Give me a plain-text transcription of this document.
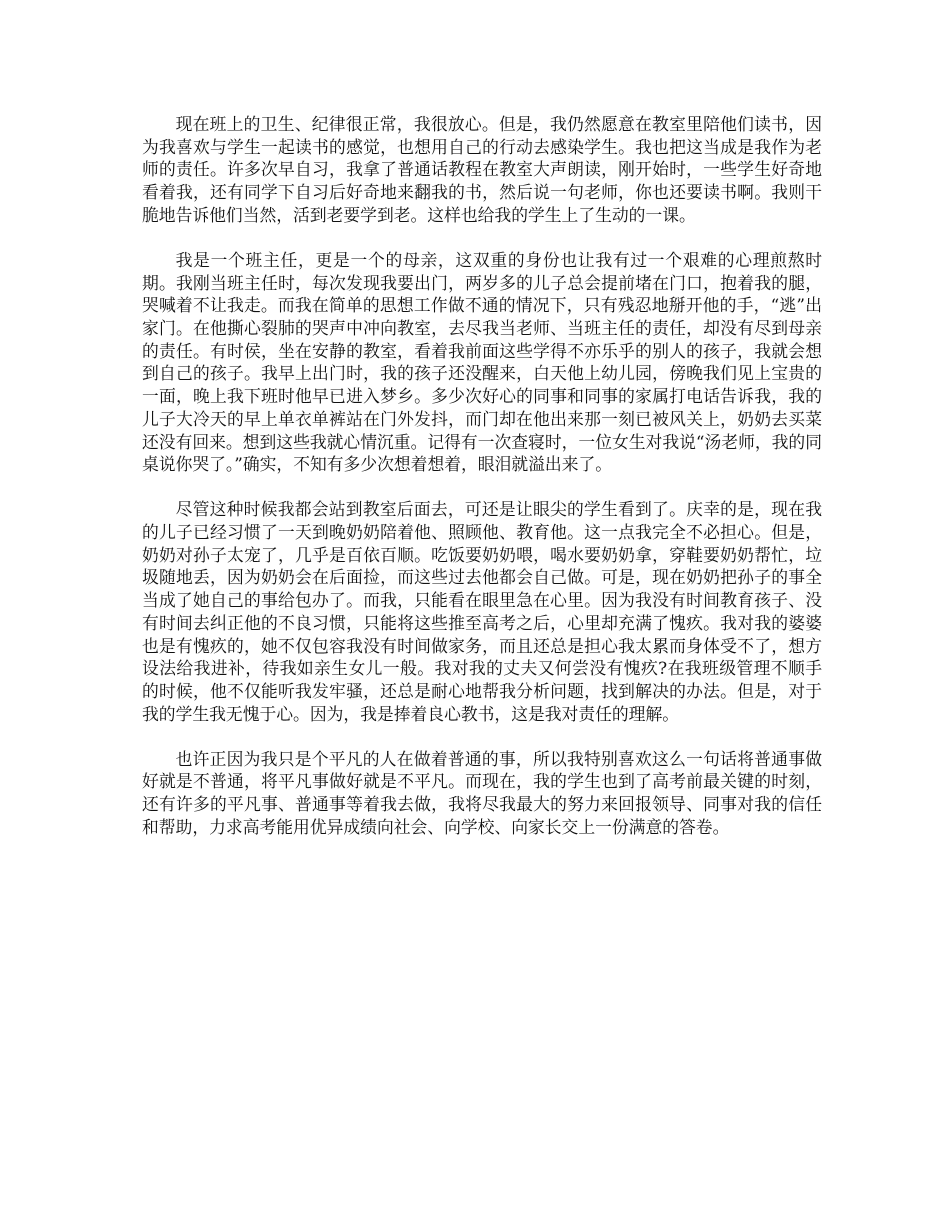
现在班上的卫生、纪律很正常，我很放心。但是，我仍然愿意在教室里陪他们读书，因为我喜欢与学生一起读书的感觉，也想用自己的行动去感染学生。我也把这当成是我作为老师的责任。许多次早自习，我拿了普通话教程在教室大声朗读，刚开始时，一些学生好奇地看着我，还有同学下自习后好奇地来翻我的书，然后说一句老师，你也还要读书啊。我则干脆地告诉他们当然，活到老要学到老。这样也给我的学生上了生动的一课。

我是一个班主任，更是一个的母亲，这双重的身份也让我有过一个艰难的心理煎熬时期。我刚当班主任时，每次发现我要出门，两岁多的儿子总会提前堵在门口，抱着我的腿，哭喊着不让我走。而我在简单的思想工作做不通的情况下，只有残忍地掰开他的手，“逃”出家门。在他撕心裂肺的哭声中冲向教室，去尽我当老师、当班主任的责任，却没有尽到母亲的责任。有时侯，坐在安静的教室，看着我前面这些学得不亦乐乎的别人的孩子，我就会想到自己的孩子。我早上出门时，我的孩子还没醒来，白天他上幼儿园，傍晚我们见上宝贵的一面，晚上我下班时他早已进入梦乡。多少次好心的同事和同事的家属打电话告诉我，我的儿子大冷天的早上单衣单裤站在门外发抖，而门却在他出来那一刻已被风关上，奶奶去买菜还没有回来。想到这些我就心情沉重。记得有一次查寝时，一位女生对我说“汤老师，我的同桌说你哭了。”确实，不知有多少次想着想着，眼泪就溢出来了。

尽管这种时候我都会站到教室后面去，可还是让眼尖的学生看到了。庆幸的是，现在我的儿子已经习惯了一天到晚奶奶陪着他、照顾他、教育他。这一点我完全不必担心。但是，奶奶对孙子太宠了，几乎是百依百顺。吃饭要奶奶喂，喝水要奶奶拿，穿鞋要奶奶帮忙，垃圾随地丢，因为奶奶会在后面捡，而这些过去他都会自己做。可是，现在奶奶把孙子的事全当成了她自己的事给包办了。而我，只能看在眼里急在心里。因为我没有时间教育孩子、没有时间去纠正他的不良习惯，只能将这些推至高考之后，心里却充满了愧疚。我对我的婆婆也是有愧疚的，她不仅包容我没有时间做家务，而且还总是担心我太累而身体受不了，想方设法给我进补，待我如亲生女儿一般。我对我的丈夫又何尝没有愧疚?在我班级管理不顺手的时候，他不仅能听我发牢骚，还总是耐心地帮我分析问题，找到解决的办法。但是，对于我的学生我无愧于心。因为，我是捧着良心教书，这是我对责任的理解。

也许正因为我只是个平凡的人在做着普通的事，所以我特别喜欢这么一句话将普通事做好就是不普通，将平凡事做好就是不平凡。而现在，我的学生也到了高考前最关键的时刻，还有许多的平凡事、普通事等着我去做，我将尽我最大的努力来回报领导、同事对我的信任和帮助，力求高考能用优异成绩向社会、向学校、向家长交上一份满意的答卷。
